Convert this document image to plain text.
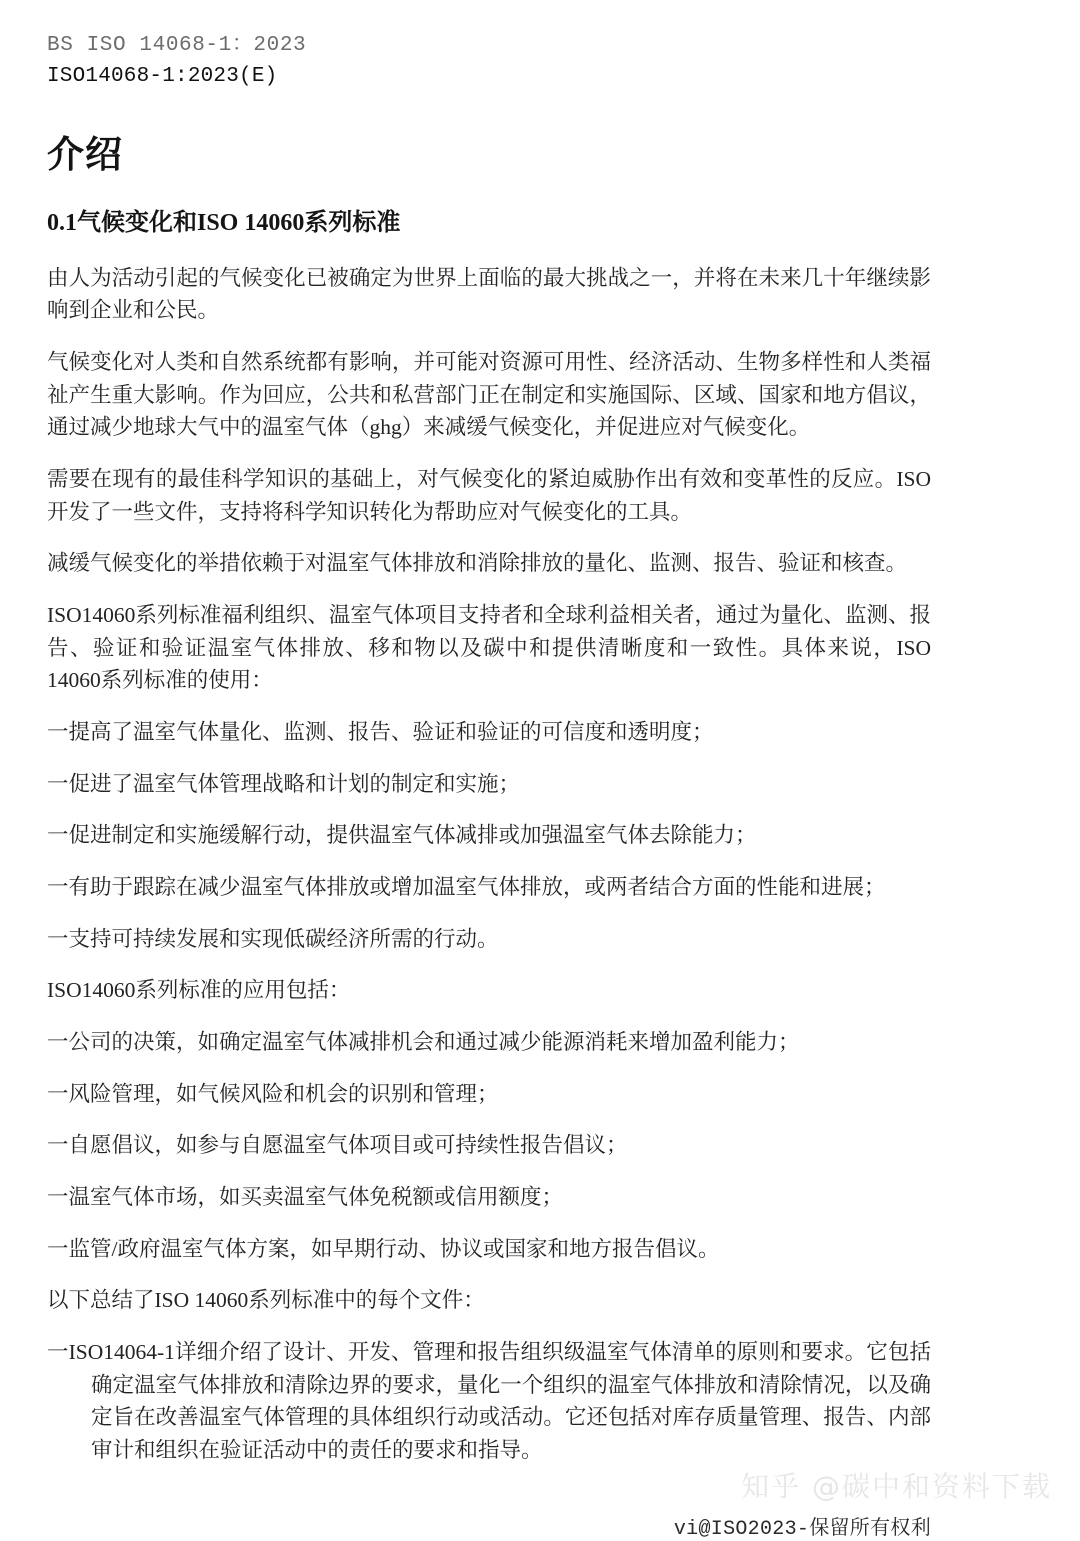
BS ISO 14068-1：2023
ISO14068-1:2023(E)
介绍
0.1气候变化和ISO 14060系列标准

由人为活动引起的气候变化已被确定为世界上面临的最大挑战之一，并将在未来几十年继续影响到企业和公民。

气候变化对人类和自然系统都有影响，并可能对资源可用性、经济活动、生物多样性和人类福祉产生重大影响。作为回应，公共和私营部门正在制定和实施国际、区域、国家和地方倡议，通过减少地球大气中的温室气体（ghg）来减缓气候变化，并促进应对气候变化。

需要在现有的最佳科学知识的基础上，对气候变化的紧迫威胁作出有效和变革性的反应。ISO开发了一些文件，支持将科学知识转化为帮助应对气候变化的工具。

减缓气候变化的举措依赖于对温室气体排放和消除排放的量化、监测、报告、验证和核查。

ISO14060系列标准福利组织、温室气体项目支持者和全球利益相关者，通过为量化、监测、报告、验证和验证温室气体排放、移和物以及碳中和提供清晰度和一致性。具体来说，ISO 14060系列标准的使用：

一提高了温室气体量化、监测、报告、验证和验证的可信度和透明度；

一促进了温室气体管理战略和计划的制定和实施；

一促进制定和实施缓解行动，提供温室气体减排或加强温室气体去除能力；

一有助于跟踪在减少温室气体排放或增加温室气体排放，或两者结合方面的性能和进展；

一支持可持续发展和实现低碳经济所需的行动。

ISO14060系列标准的应用包括：

一公司的决策，如确定温室气体减排机会和通过减少能源消耗来增加盈利能力；

一风险管理，如气候风险和机会的识别和管理；

一自愿倡议，如参与自愿温室气体项目或可持续性报告倡议；

一温室气体市场，如买卖温室气体免税额或信用额度；

一监管/政府温室气体方案，如早期行动、协议或国家和地方报告倡议。

以下总结了ISO 14060系列标准中的每个文件：

一ISO14064-1详细介绍了设计、开发、管理和报告组织级温室气体清单的原则和要求。它包括确定温室气体排放和清除边界的要求，量化一个组织的温室气体排放和清除情况，以及确定旨在改善温室气体管理的具体组织行动或活动。它还包括对库存质量管理、报告、内部审计和组织在验证活动中的责任的要求和指导。

vi@ISO2023-保留所有权利

知乎 @碳中和资料下载
